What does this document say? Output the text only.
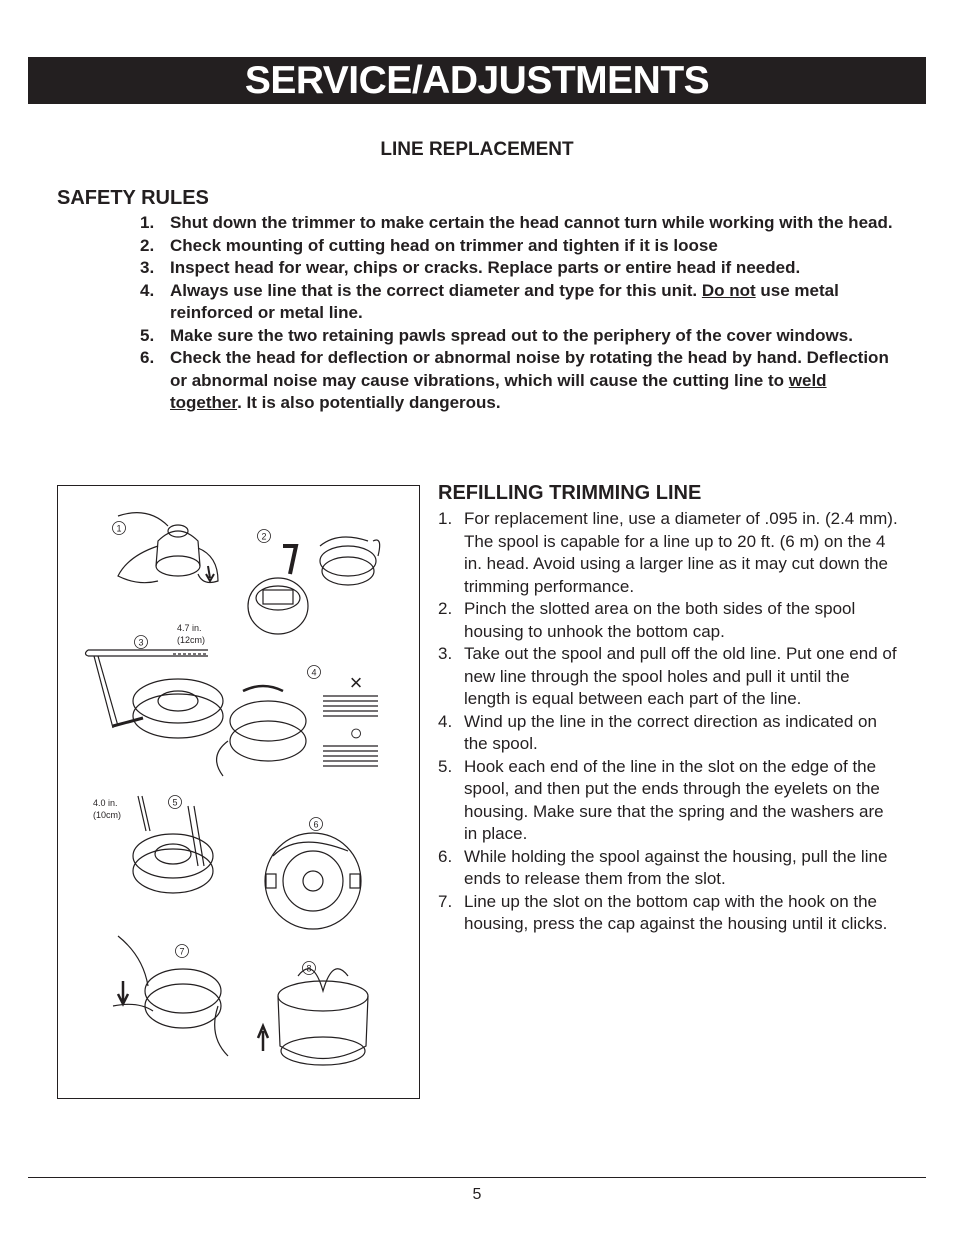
SERVICE/ADJUSTMENTS
LINE REPLACEMENT
SAFETY RULES
1. Shut down the trimmer to make certain the head cannot turn while working with the head.
2. Check mounting of cutting head on trimmer and tighten if it is loose
3. Inspect head for wear, chips or cracks. Replace parts or entire head if needed.
4. Always use line that is the correct diameter and type for this unit. Do not use metal reinforced or metal line.
5. Make sure the two retaining pawls spread out to the periphery of the cover windows.
6. Check the head for deflection or abnormal noise by rotating the head by hand. Deflection or abnormal noise may cause vibrations, which will cause the cutting line to weld together. It is also potentially dangerous.
1
2
3
4
5
6
7
8
4.7 in.
(12cm)
4.0 in.
(10cm)
×
○
REFILLING TRIMMING LINE
1. For replacement line, use a diameter of .095 in. (2.4 mm). The spool is capable for a line up to 20 ft. (6 m) on the 4 in. head. Avoid using a larger line as it may cut down the trimming performance.
2. Pinch the slotted area on the both sides of the spool housing to unhook the bottom cap.
3. Take out the spool and pull off the old line. Put one end of new line through the spool holes and pull it until the length is equal between each part of the line.
4. Wind up the line in the correct direction as indicated on the spool.
5. Hook each end of the line in the slot on the edge of the spool, and then put the ends through the eyelets on the housing. Make sure that the spring and the washers are in place.
6. While holding the spool against the housing, pull the line ends to release them from the slot.
7. Line up the slot on the bottom cap with the hook on the housing, press the cap against the housing until it clicks.
5
